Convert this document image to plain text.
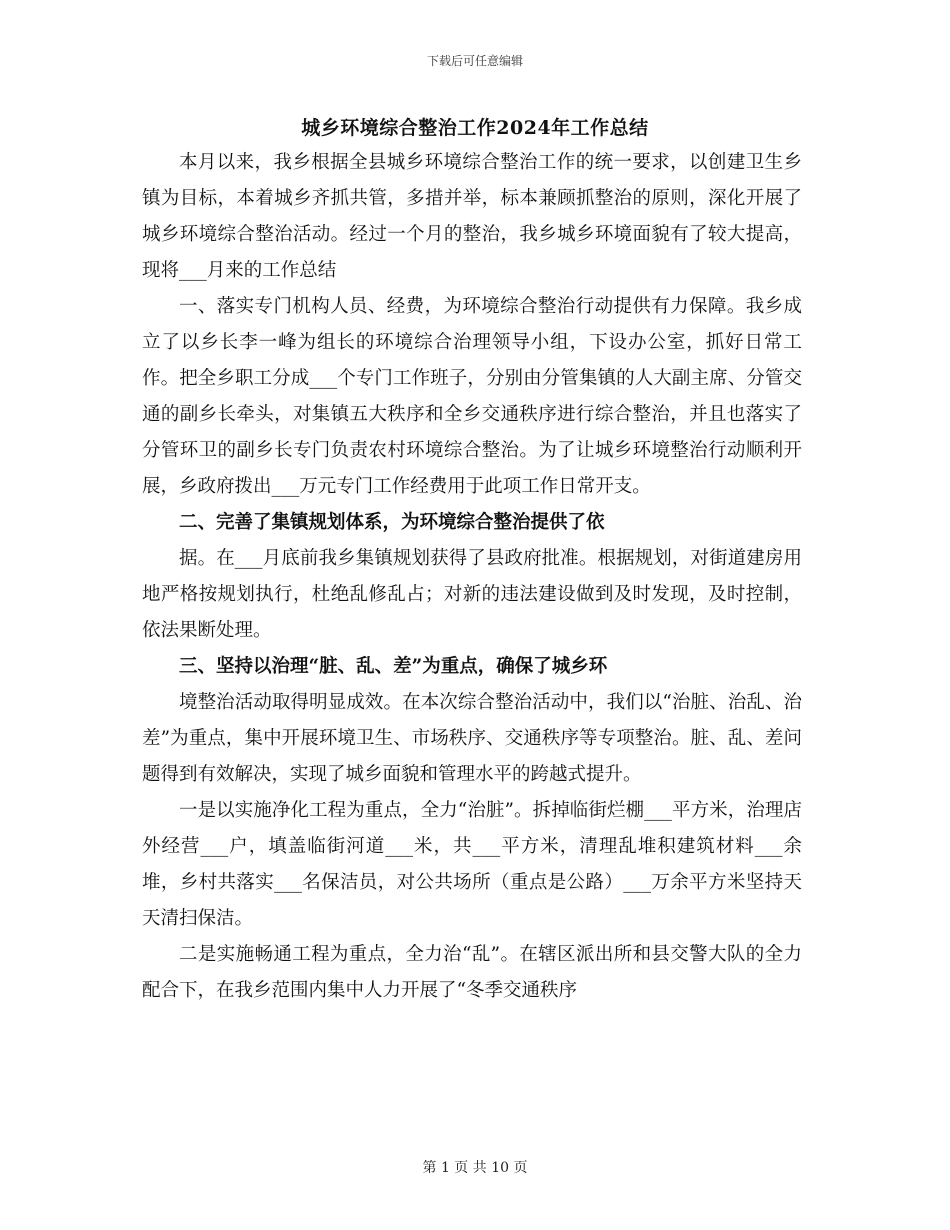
下载后可任意编辑
城乡环境综合整治工作2024年工作总结

本月以来，我乡根据全县城乡环境综合整治工作的统一要求，以创建卫生乡镇为目标，本着城乡齐抓共管，多措并举，标本兼顾抓整治的原则，深化开展了城乡环境综合整治活动。经过一个月的整治，我乡城乡环境面貌有了较大提高，现将___月来的工作总结

一、落实专门机构人员、经费，为环境综合整治行动提供有力保障。我乡成立了以乡长李一峰为组长的环境综合治理领导小组，下设办公室，抓好日常工作。把全乡职工分成___个专门工作班子，分别由分管集镇的人大副主席、分管交通的副乡长牵头，对集镇五大秩序和全乡交通秩序进行综合整治，并且也落实了分管环卫的副乡长专门负责农村环境综合整治。为了让城乡环境整治行动顺利开展，乡政府拨出___万元专门工作经费用于此项工作日常开支。

二、完善了集镇规划体系，为环境综合整治提供了依

据。在___月底前我乡集镇规划获得了县政府批准。根据规划，对街道建房用地严格按规划执行，杜绝乱修乱占；对新的违法建设做到及时发现，及时控制，依法果断处理。

三、坚持以治理“脏、乱、差”为重点，确保了城乡环

境整治活动取得明显成效。在本次综合整治活动中，我们以“治脏、治乱、治差”为重点，集中开展环境卫生、市场秩序、交通秩序等专项整治。脏、乱、差问题得到有效解决，实现了城乡面貌和管理水平的跨越式提升。

一是以实施净化工程为重点，全力“治脏”。拆掉临街烂棚___平方米，治理店外经营___户，填盖临街河道___米，共___平方米，清理乱堆积建筑材料___余堆，乡村共落实___名保洁员，对公共场所（重点是公路）___万余平方米坚持天天清扫保洁。

二是实施畅通工程为重点，全力治“乱”。在辖区派出所和县交警大队的全力配合下，在我乡范围内集中人力开展了“冬季交通秩序

第 1 页 共 10 页
